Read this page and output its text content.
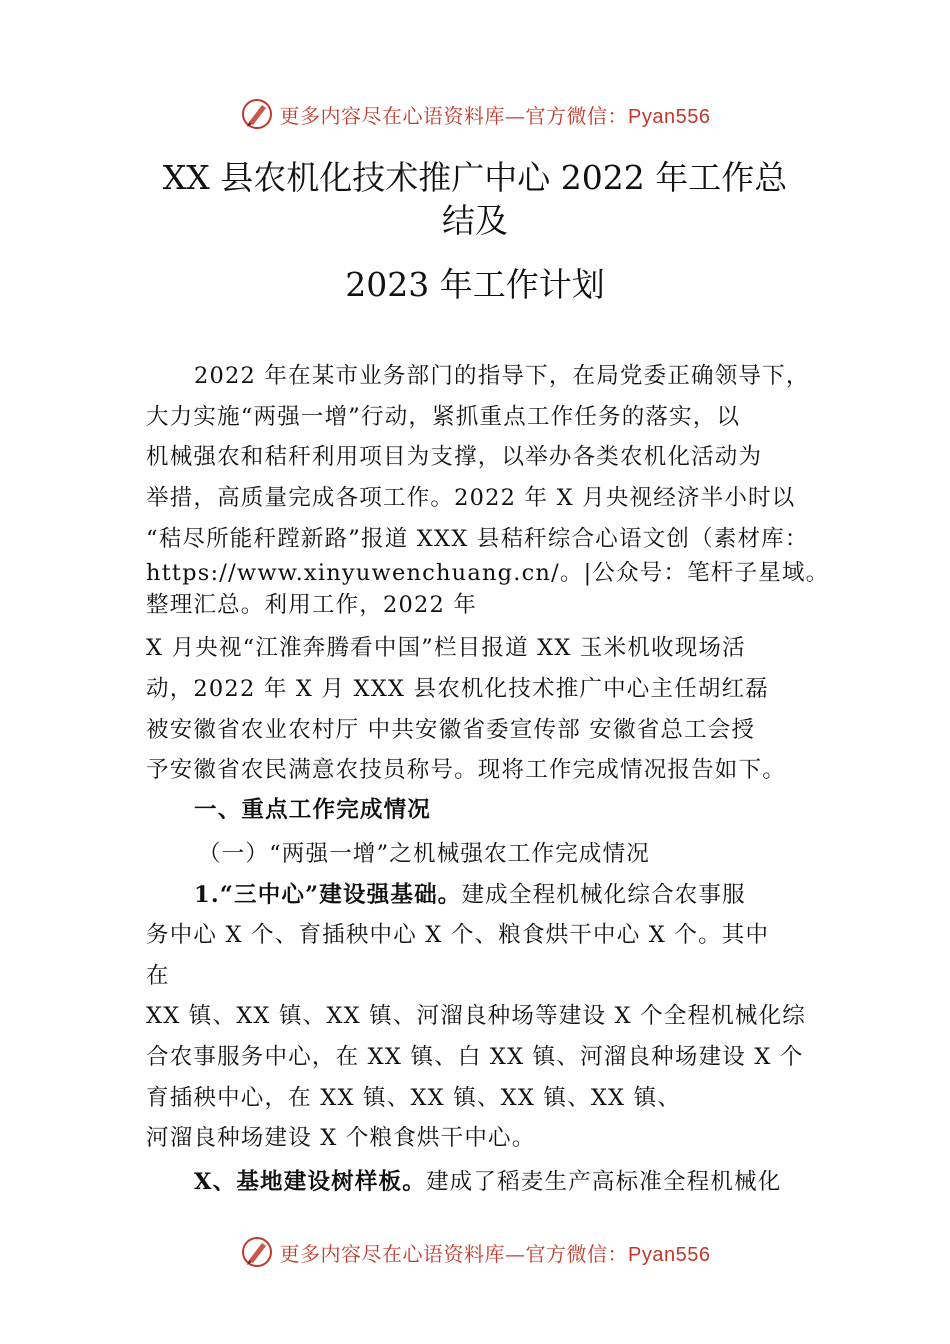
更多内容尽在心语资料库—官方微信：Pyan556
XX 县农机化技术推广中心 2022 年工作总
结及
2023 年工作计划
2022 年在某市业务部门的指导下，在局党委正确领导下，
大力实施“两强一增”行动，紧抓重点工作任务的落实，以
机械强农和秸秆利用项目为支撑，以举办各类农机化活动为
举措，高质量完成各项工作。2022 年 X 月央视经济半小时以
“秸尽所能秆蹚新路”报道 XXX 县秸秆综合心语文创（素材库：
https://www.xinyuwenchuang.cn/。|公众号：笔杆子星域。
整理汇总。利用工作，2022 年
X 月央视“江淮奔腾看中国”栏目报道 XX 玉米机收现场活
动，2022 年 X 月 XXX 县农机化技术推广中心主任胡红磊
被安徽省农业农村厅 中共安徽省委宣传部 安徽省总工会授
予安徽省农民满意农技员称号。现将工作完成情况报告如下。
一、重点工作完成情况
（一）“两强一增”之机械强农工作完成情况
1.“三中心”建设强基础。建成全程机械化综合农事服
务中心 X 个、育插秧中心 X 个、粮食烘干中心 X 个。其中
在
XX 镇、XX 镇、XX 镇、河溜良种场等建设 X 个全程机械化综
合农事服务中心，在 XX 镇、白 XX 镇、河溜良种场建设 X 个
育插秧中心，在 XX 镇、XX 镇、XX 镇、XX 镇、
河溜良种场建设 X 个粮食烘干中心。
X、基地建设树样板。建成了稻麦生产高标准全程机械化
更多内容尽在心语资料库—官方微信：Pyan556
